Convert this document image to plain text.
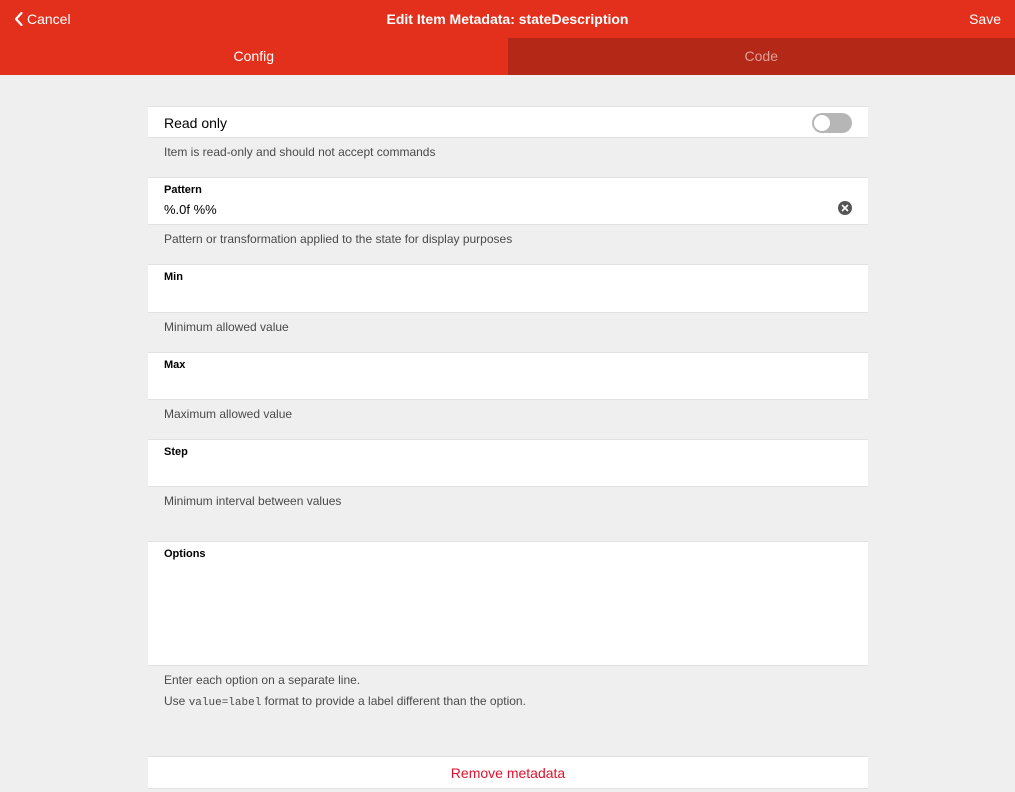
Cancel	Edit Item Metadata: stateDescription	Save
Config	Code
Read only
Item is read-only and should not accept commands
Pattern
%.0f %%
Pattern or transformation applied to the state for display purposes
Min
Minimum allowed value
Max
Maximum allowed value
Step
Minimum interval between values
Options
Enter each option on a separate line.
Use value=label format to provide a label different than the option.
Remove metadata
